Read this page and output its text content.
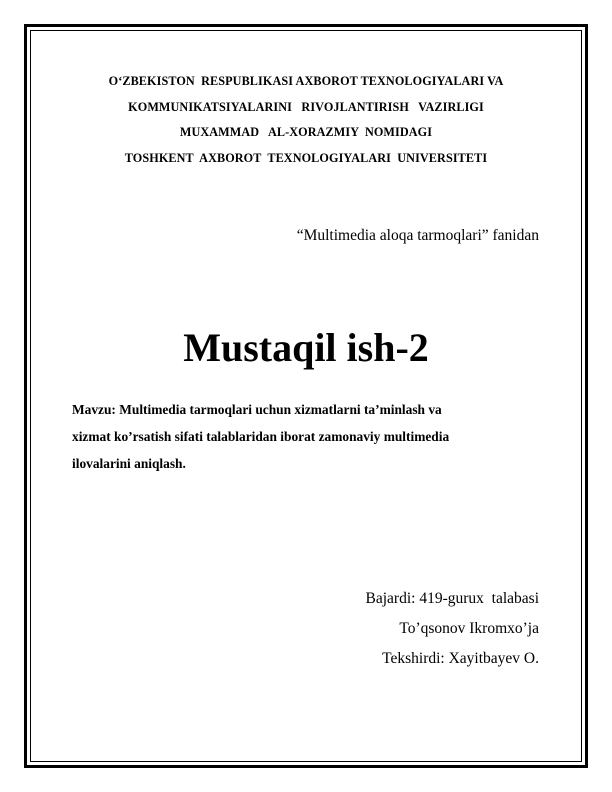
O‘ZBEKISTON  RESPUBLIKASI AXBOROT TEXNOLOGIYALARI VA
KOMMUNIKATSIYALARINI   RIVOJLANTIRISH   VAZIRLIGI
MUXAMMAD   AL-XORAZMIY  NOMIDAGI
TOSHKENT  AXBOROT  TEXNOLOGIYALARI  UNIVERSITETI
“Multimedia aloqa tarmoqlari” fanidan
Mustaqil ish-2
Mavzu: Multimedia tarmoqlari uchun xizmatlarni ta’minlash va
xizmat ko’rsatish sifati talablaridan iborat zamonaviy multimedia
ilovalarini aniqlash.
Bajardi: 419-gurux  talabasi
To’qsonov Ikromxo’ja
Tekshirdi: Xayitbayev O.
